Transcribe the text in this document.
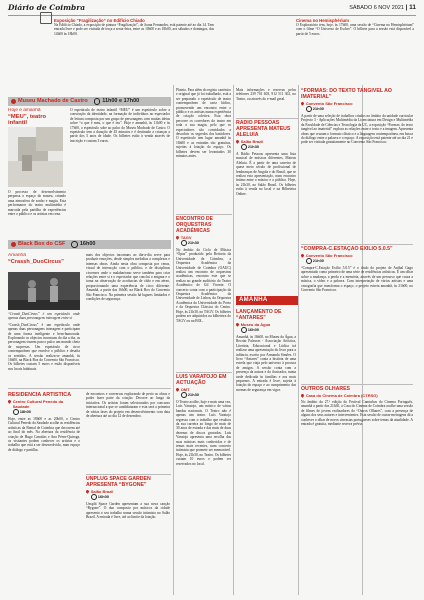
Diário de Coimbra	SÁBADO 6 NOV 2021 | 11
Exposição “Fragilização” no Edifício Chiado
Na Edifício Chiado, a exposição de pintura “Fragilização”, de Joana Fernandes, está patente até ao dia 14. Tem entrada livre e pode ser visitada de terça a sexta-feira, entre as 10h00 e as 18h00, aos sábados e domingos, das 14h00 às 18h00.
Cinema no Hemisphérium
O Exploratório tem, hoje, às 17h00, uma sessão de “Cinema no Hemisphérium” com o filme “O Universo de Escher”. O bilhete para a sessão está disponível a partir de 5 euros.
Museu Machado de Castro	11h00 e 17h00
Hoje e amanhã
“MEU”, teatro infantil
O processo de desenvolvimento perpassa o espaço do museu, criando uma atmosfera de sonho e magia. Esta performance do teatro multimédia é marcada pela partilha de experiências entre o público e os artistas em cena.
O espetáculo de teatro infantil “MEU” é um espetáculo sobre a construção da identidade, na formação de indivíduos no espectador de leitura composta por um grupo de personagens com muitas ideias sobre “o que é meu, o que é teu”. Hoje e amanhã, às 11h00 e às 17h00, o espetáculo sobe ao palco do Museu Machado de Castro. O espetáculo tem a duração de 45 minutos e é destinado a crianças a partir dos 3 anos de idade. Os bilhetes estão à venda através de inscrição e custam 3 euros.
Black Box do CSF	16h00
Amanhã
“Crassh_DuoCircus”
“Crassh_DuoCircus” é um espetáculo onde apenas duas personagens interagem entre si
“Crassh_DuoCircus” é um espetáculo onde apenas duas personagens interagem e participam de uma forma inteligente e bem-humorada. Explorando os objectos incomuns do dia a dia, as personagens trazem para o palco um mundo cheio de surpresas. Um espetáculo de circo contemporâneo que envolve o público e desafia os sentidos. A sessão realiza-se amanhã, às 16h00, na Black Box do Convento São Francisco. Os bilhetes custam 5 euros e estão disponíveis nos locais habituais.
mais dos objectos incomuns ao dia-a-dia serve para produzir emoções, desde simples melodias a complexas e intensas obras. Ainda nesta obra composta por cenas, visual de interacção com o público, e de disciplinas circenses onde o malabarismo serve também para criar relações entre si e o espectador que conclui o enigma e o torna na observação de acrobacias de chão e em aéreo, proporcionando uma experiência de circo diferente. Amanhã, a partir das 16h00, na Black Box do Convento São Francisco. Na primeira sessão há lugares limitados e condições de segurança.
RESIDÊNCIA ARTÍSTICA
Centro Cultural Penedo da Saudade
18h00
Hoje, entre as 18h00 e as 20h00, o Centro Cultural Penedo da Saudade acolhe as residências artísticas da Bienal de Coimbra que decorrem até ao final do mês. Na abertura da residência de criação de Hugo Canoilas e Ana Pérez-Quiroga, os visitantes podem conhecer os artistas e o trabalho que está a ser desenvolvido, num espaço de diálogo e partilha.
de encontros e conversas explorando de perto as obras e poder fazer parte da criação. Decorre ao longo da iniciativa. Os artistas foram selecionados por concurso internacional a que se candidataram e esta será a primeira de várias fases do projeto em desenvolvimento com data de abertura até ao dia 12 de dezembro.
UNPLUG SPACE GARDEN APRESENTA “BYGONE”
Salão Brazil
16h00
Unsplit Space Garden apresentam a sua nova canção “Bygone”. O duo composto por músicos da cidade apresenta o seu trabalho numa sessão intimista no Salão Brazil. A entrada é livre, até ao limite da lotação.
Plateia. Para além do registo canónico e original que já foi trabalhado, está a ser preparado o espetáculo de teatro contemporâneo de cariz lúdico, promovendo um encontro entre o público e os artistas numa experiência de criação coletiva. Esta obra percorre os corredores do teatro em toda a sua magia, pelo que os espectadores são convidados a descobrir os segredos dos bastidores. O espetáculo tem lugar amanhã às 16h00 e as entradas são gratuitas, sujeitas à lotação do espaço. Os bilhetes devem ser levantados 30 minutos antes.
ENCONTRO DE ORQUESTRAS ACADÉMICAS
TAGV
21h30
No âmbito do Ciclo de Música “Ópus” produzido pela Reitoria da Universidade de Coimbra, a Orquestra Académica da Universidade de Coimbra (OAUC) realiza um encontro de orquestras académicas, encontro este que se realiza no grande auditório do Teatro Académico de Gil Vicente. O concerto conta com a participação da Orquestra Académica da Universidade de Lisboa, da Orquestra Académica da Universidade do Porto e da Orquestra Clássica do Centro. Hoje, às 21h30, no TAGV. Os bilhetes podem ser adquiridos na bilheteira do TAGV ou na BOL.
LUÍS VARATOJO EM ACTUAÇÃO
OMT
21h30
O Teatro acolhe, hoje e mais uma vez, Luís Varatojo, um músico de várias bandas nacionais. O Teatro não é apenas um teatro. Luís Varatojo regressa com o trabalho que resultou da sua carreira ao longo de mais de 30 anos de estrada e das mais de duas dezenas de discos gravados. Luís Varatojo apresenta uma recolha das suas músicas mais conhecidas e de temas mais recentes, num concerto intimista que promete ser memorável. Hoje, às 21h30, no Teatro. Os bilhetes custam 10 euros e podem ser reservados no local.
Mais informações e reservas pelos telefones 239 701 603, 912 511 302, no Teatro, ou através do e-mail geral.
RÁDIO PESSOAS APRESENTA MATEUS ALELUIA
Salão Brazil
21h30
A Rádio Pessoas apresenta uma lista musical de músicas diferentes, Mateus Aleluia. É a partir de uma carreira de quase meio século de profissional de lembranças de Angola e do Brasil, que se realiza esta apresentação, num encontro íntimo entre o músico e o público. Hoje, às 21h30, no Salão Brazil. Os bilhetes estão à venda no local e na Bilheteira Online.
AMANHÃ
LANÇAMENTO DE “ANTARES”
Museu da Água
16h00
Amanhã, às 16h00, no Museu da Água, a Recriar Palavras - Associação Artística, Literária, Educacional e Lúdica irá realizar uma apresentação do livro para a infância, escrito por Armanda Simões. O livro “Antares” conta a história de uma estrela que viaja pelo universo à procura de amigos. A sessão conta com a presença da autora e do ilustrador, numa tarde dedicada às famílias e aos mais pequenos. A entrada é livre, sujeita à lotação do espaço e ao cumprimento das normas de segurança em vigor.
“FORMAS: DO TEXTO TANGÍVEL AO IMATERIAL”
Convento São Francisco
21h00
A partir de uma seleção de trabalhos criados no âmbito da unidade curricular Projecto 3 - Aplicações Multimédia da Licenciatura em Design e Multimédia da Faculdade de Ciências e Tecnologia da UC, a exposição “Formas: do texto tangível ao imaterial” explora as relações entre o texto e a imagem. Apresenta obras que cruzam o formato clássico e a linguagem contemporânea, em busca do diálogo entre a palavra e o espaço. A exposição está patente até ao dia 21 e pode ser visitada gratuitamente no Convento São Francisco.
“COMPRA-C.ESTAÇÃO EXÍLIO 5.0.5”
Convento São Francisco
21h00
“Compra-C.Estação Exílio 5.0.5” é o título do projeto de Aníbal Gago apresentado como primeiro de uma série de residências artísticas. É um olhar sobre a mudança, a perda e a memória, através de um percurso que cruza a música, o vídeo e a palavra. Com interpretação de vários artistas e uma cenografia que transforma o espaço, o projeto estreia amanhã, às 21h00, no Convento São Francisco.
OUTROS OLHARES
Casa do Cinema de Coimbra (CTRSG)
No âmbito da 27.ª edição do Festival Caminhos do Cinema Português, amanhã a partir das 21h30, a Casa do Cinema de Coimbra acolhe uma sessão de filmes de jovens realizadores do “Outros Olhares”, com a presença de alguns dos seus autores e intervenientes. Esta sessão de curtas-metragens dá a conhecer o olhar de novos cineastas portugueses sobre temas da atualidade. A entrada é gratuita, mediante reserva prévia.
